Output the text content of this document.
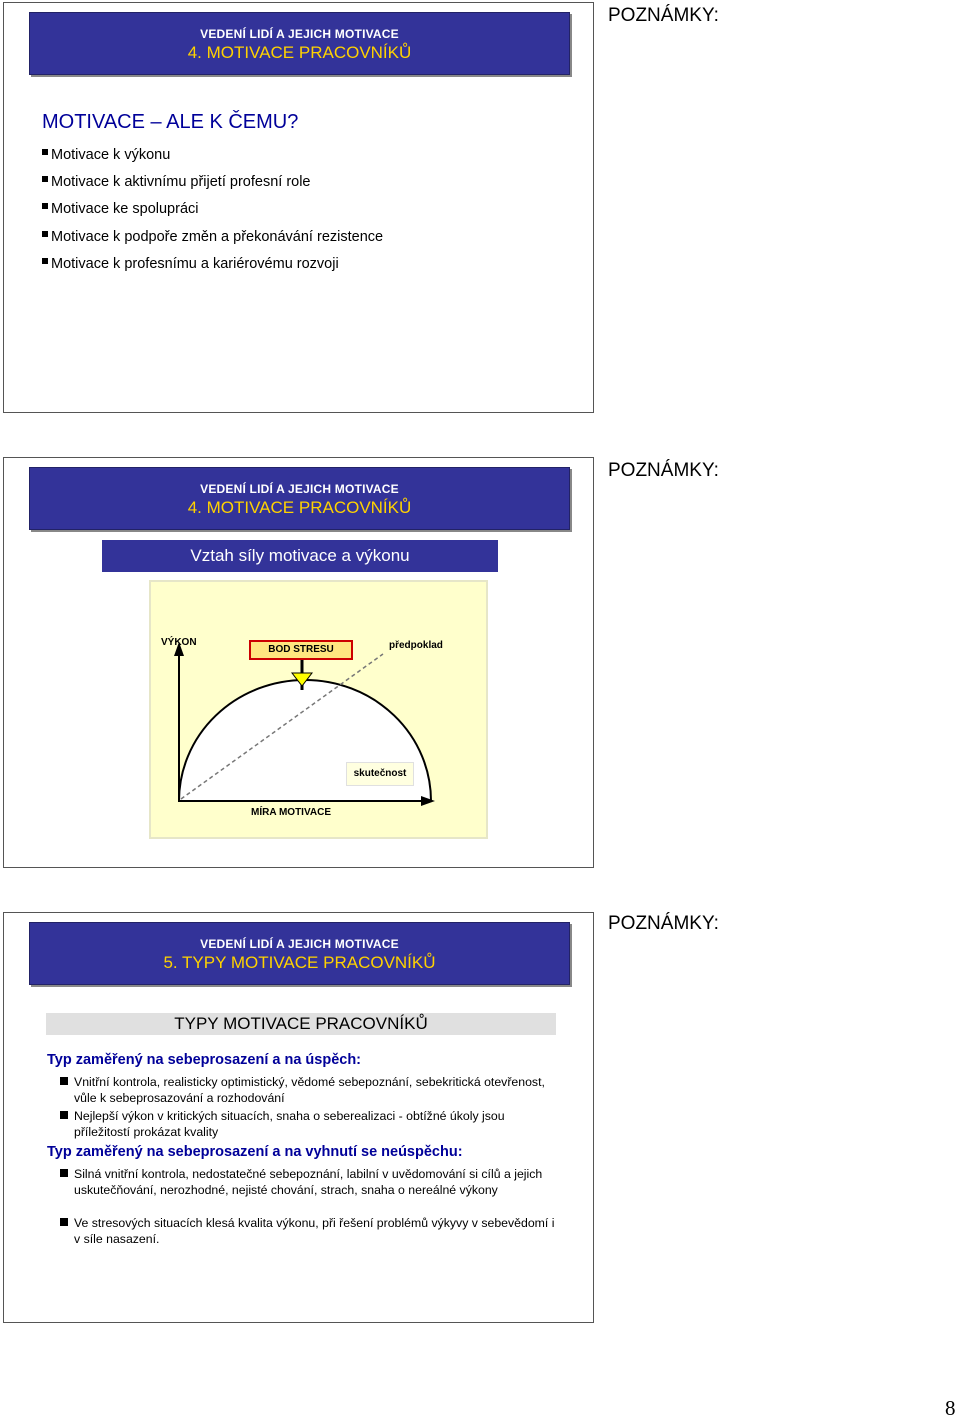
VEDENÍ LIDÍ A JEJICH MOTIVACE
4. MOTIVACE PRACOVNÍKŮ
MOTIVACE – ALE K ČEMU?
Motivace k výkonu
Motivace k aktivnímu přijetí profesní role
Motivace ke spolupráci
Motivace k podpoře změn a překonávání rezistence
Motivace k profesnímu a kariérovému rozvoji
POZNÁMKY:
VEDENÍ LIDÍ A JEJICH MOTIVACE
4. MOTIVACE PRACOVNÍKŮ
Vztah síly motivace a výkonu
VÝKON
BOD STRESU	předpoklad
skutečnost
MÍRA MOTIVACE
POZNÁMKY:
VEDENÍ LIDÍ A JEJICH MOTIVACE
5. TYPY MOTIVACE PRACOVNÍKŮ
TYPY MOTIVACE PRACOVNÍKŮ
Typ zaměřený na sebeprosazení a na úspěch:
Vnitřní kontrola, realisticky optimistický, vědomé sebepoznání, sebekritická otevřenost, vůle k sebeprosazování a rozhodování
Nejlepší výkon v kritických situacích, snaha o seberealizaci - obtížné úkoly jsou příležitostí prokázat kvality
Typ zaměřený na sebeprosazení a na vyhnutí se neúspěchu:
Silná vnitřní kontrola, nedostatečné sebepoznání, labilní v uvědomování si cílů a jejich uskutečňování, nerozhodné, nejisté chování, strach, snaha o nereálné výkony
Ve stresových situacích klesá kvalita výkonu, při řešení problémů výkyvy v sebevědomí i v síle nasazení.
POZNÁMKY:
8
